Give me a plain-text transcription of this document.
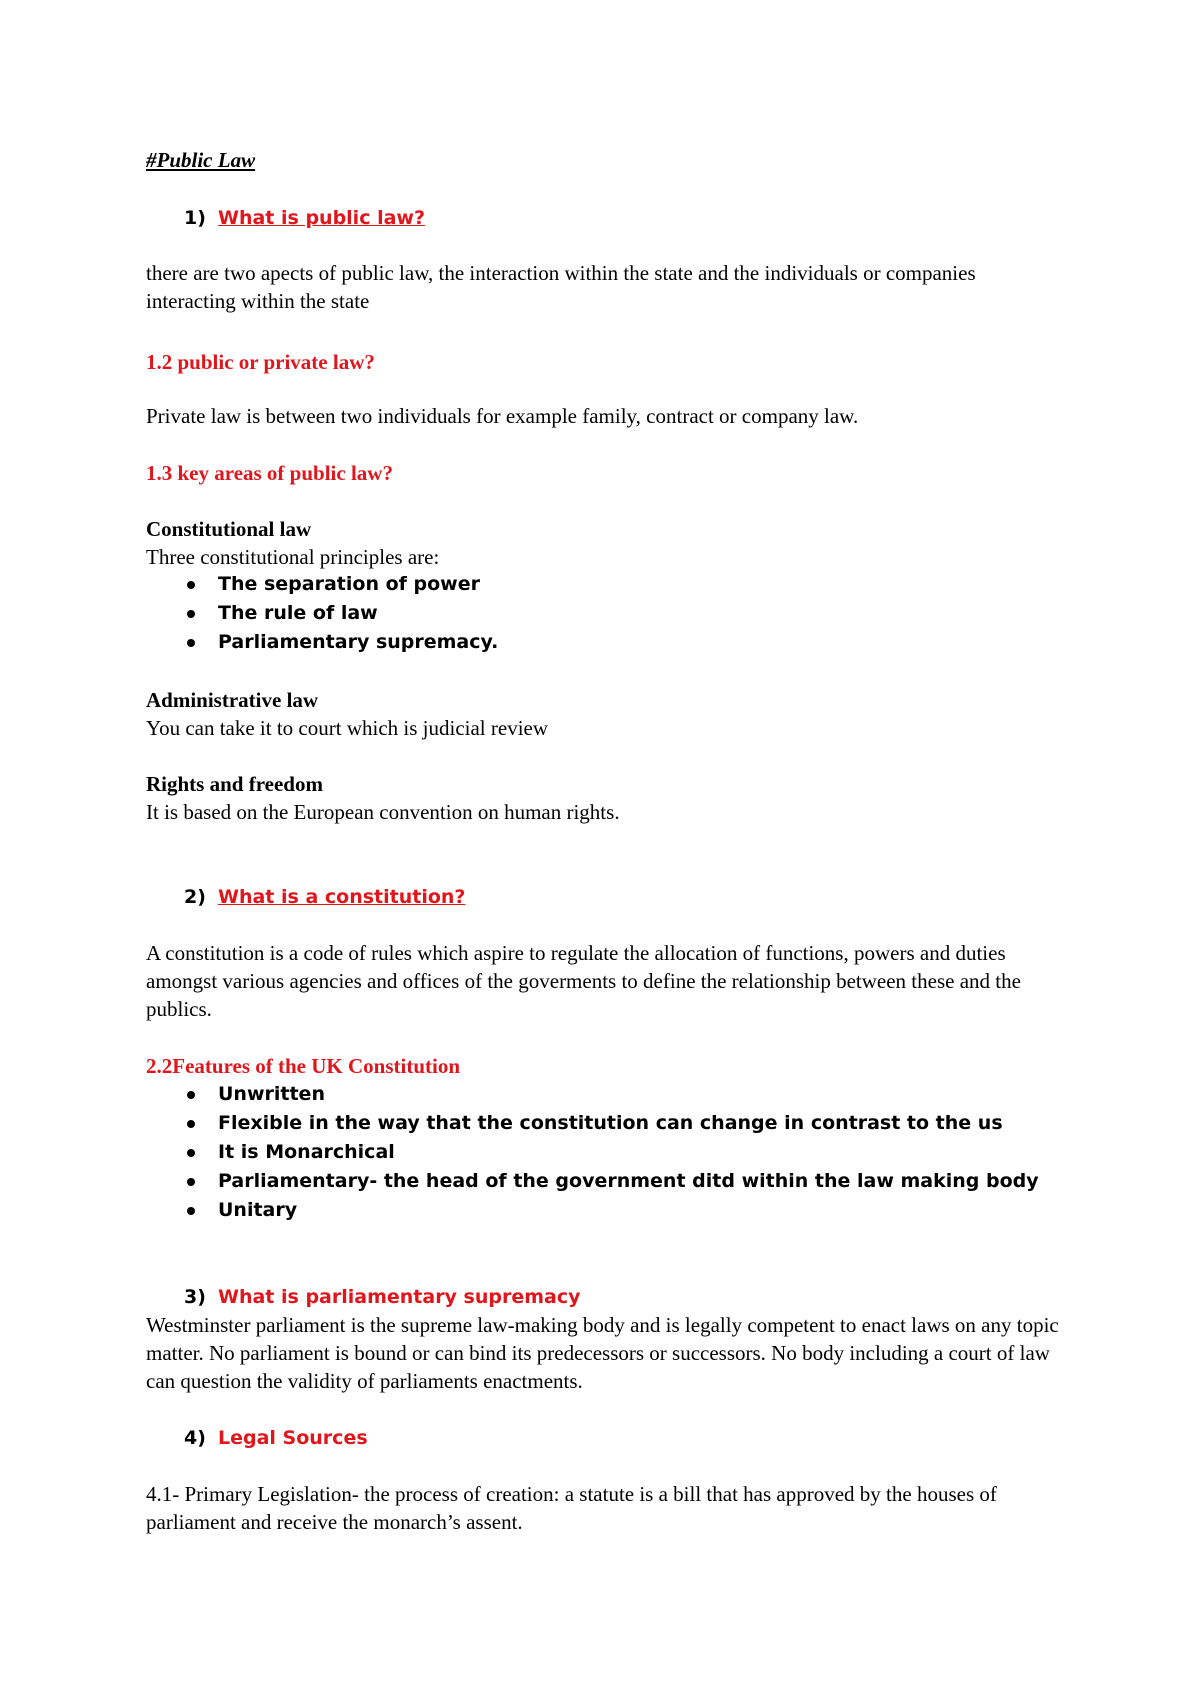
#Public Law
1) What is public law?

there are two apects of public law, the interaction within the state and the individuals or companies interacting within the state

1.2 public or private law?

Private law is between two individuals for example family, contract or company law.

1.3 key areas of public law?
Constitutional law
Three constitutional principles are:
The separation of power
The rule of law
Parliamentary supremacy.
Administrative law

You can take it to court which is judicial review

Rights and freedom

It is based on the European convention on human rights.

2) What is a constitution?

A constitution is a code of rules which aspire to regulate the allocation of functions, powers and duties amongst various agencies and offices of the goverments to define the relationship between these and the publics.

2.2Features of the UK Constitution
Unwritten
Flexible in the way that the constitution can change in contrast to the us
It is Monarchical
Parliamentary- the head of the government ditd within the law making body
Unitary
3) What is parliamentary supremacy

Westminster parliament is the supreme law-making body and is legally competent to enact laws on any topic matter. No parliament is bound or can bind its predecessors or successors. No body including a court of law can question the validity of parliaments enactments.

4) Legal Sources

4.1- Primary Legislation- the process of creation: a statute is a bill that has approved by the houses of parliament and receive the monarch’s assent.
